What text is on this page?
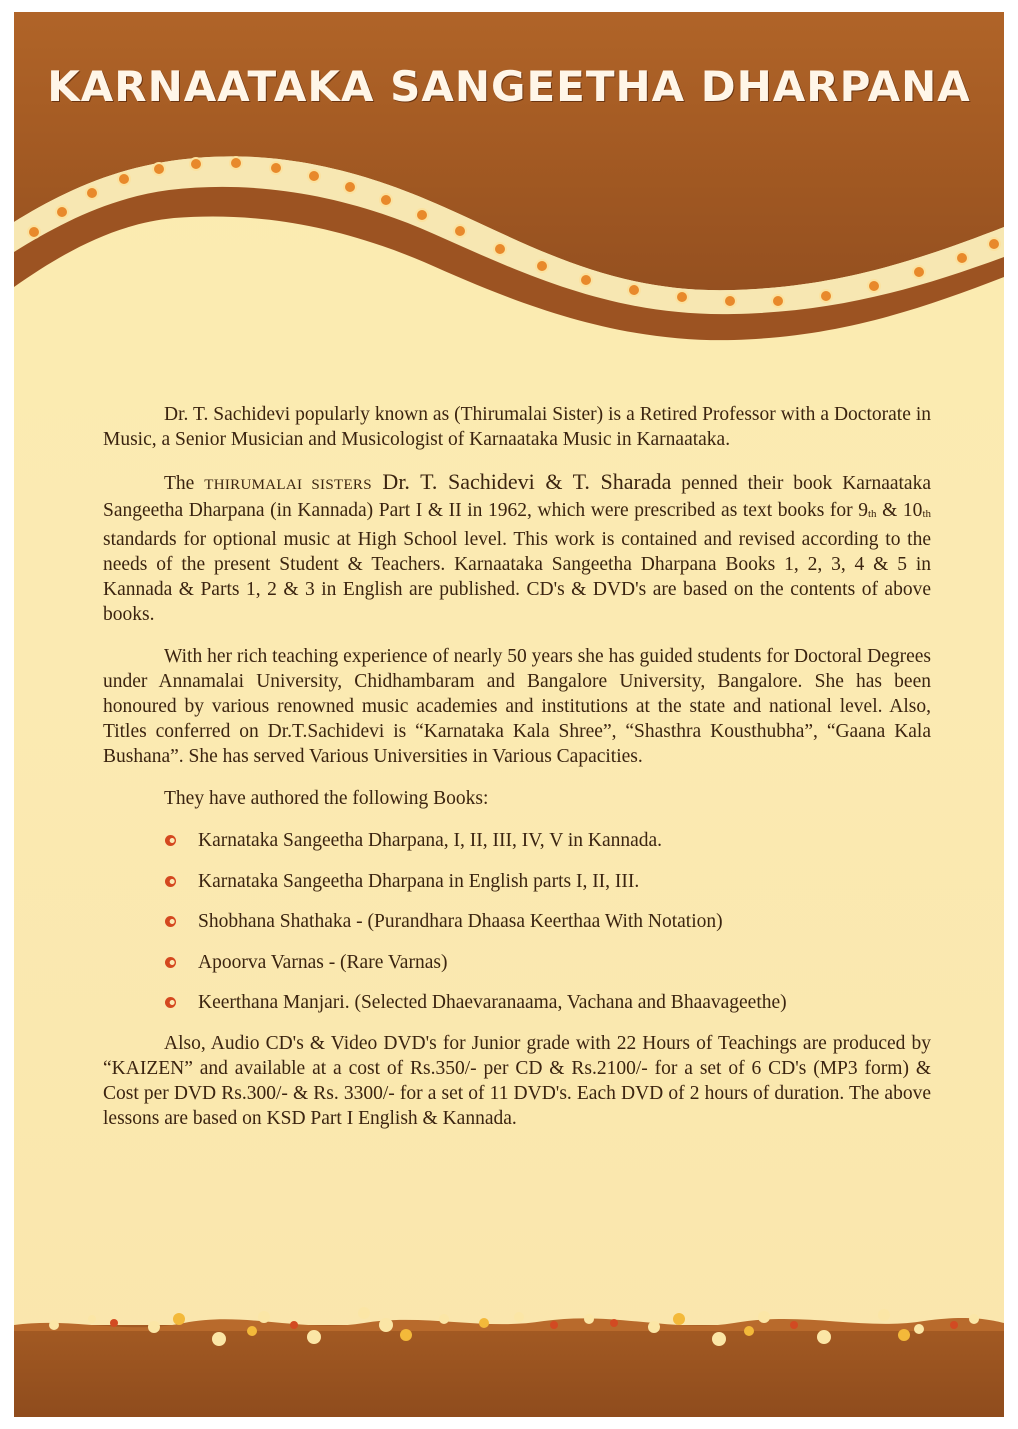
KARNAATAKA SANGEETHA DHARPANA

Dr. T. Sachidevi popularly known as (Thirumalai Sister) is a Retired Professor with a Doctorate in Music, a Senior Musician and Musicologist of Karnaataka Music in Karnaataka.

The THIRUMALAI SISTERS Dr. T. Sachidevi & T. Sharada penned their book Karnaataka Sangeetha Dharpana (in Kannada) Part I & II in 1962, which were prescribed as text books for $9_{th}$ & $10_{th}$ standards for optional music at High School level. This work is contained and revised according to the needs of the present Student & Teachers. Karnaataka Sangeetha Dharpana Books 1, 2, 3, 4 & 5 in Kannada & Parts 1, 2 & 3 in English are published. CD's & DVD's are based on the contents of above books.

With her rich teaching experience of nearly 50 years she has guided students for Doctoral Degrees under Annamalai University, Chidhambaram and Bangalore University, Bangalore. She has been honoured by various renowned music academies and institutions at the state and national level. Also, Titles conferred on Dr.T.Sachidevi is “Karnataka Kala Shree”, “Shasthra Kousthubha”, “Gaana Kala Bushana”. She has served Various Universities in Various Capacities.

They have authored the following Books:
Karnataka Sangeetha Dharpana, I, II, III, IV, V in Kannada.
Karnataka Sangeetha Dharpana in English parts I, II, III.
Shobhana Shathaka - (Purandhara Dhaasa Keerthaa With Notation)
Apoorva Varnas - (Rare Varnas)
Keerthana Manjari. (Selected Dhaevaranaama, Vachana and Bhaavageethe)

Also, Audio CD's & Video DVD's for Junior grade with 22 Hours of Teachings are produced by “KAIZEN” and available at a cost of Rs.350/- per CD & Rs.2100/- for a set of 6 CD's (MP3 form) & Cost per DVD Rs.300/- & Rs. 3300/- for a set of 11 DVD's. Each DVD of 2 hours of duration. The above lessons are based on KSD Part I English & Kannada.
